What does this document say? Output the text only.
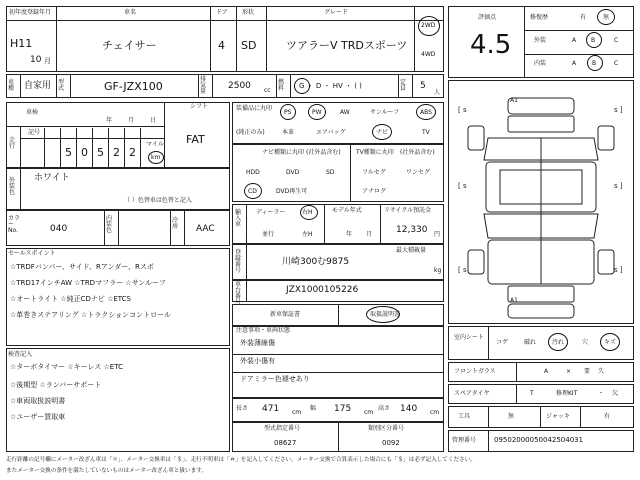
初年度登録年月
H11
10 月
車名
チェイサー
ドア
4
形状
SD
グレード
ツアラーV TRDスポーツ
2WD
4WD
車種	自家用 型式	GF-JZX100
排気量
2500 cc
燃料	G ・ D ・ HV ・ ( )	定員	5
人
車検
年	月	日
シフト
FAT
走行
記号
5 0 5 2 2
マイル
km
外装色
ホワイト
（ ）色替車は色替と記入
カラーNo.	040
内装色
冷房	AAC
セールスポイント
☆TRDFバンパー、サイド、Rアンダー、Rスポ
☆TRD17インチAW ☆TRDマフラー ☆サンルーフ
☆オートライト ☆純正CDナビ ☆ETCS
☆革巻きステアリング ☆トラクションコントロール
検査記入
☆ターボタイマー ☆キーレス ☆ETC
☆後期型 ☆ランバーサポート
☆車両取扱説明書
☆ユーザー買取車
装備品に丸印
(純正のみ)
PS	PW	AW	サンルーフ	ABS
本革	エアバッグ	ナビ	TV
ナビ種類に丸印 (社外品含む)
HDD	DVD	SD
CD	DVD再生可
TV種類に丸印 (社外品含む)
フルセグ	ワンセグ
アナログ
輸入車
ディーラー	右H
並行	左H
モデル年式
年 月
リサイクル預託金
12,330 円
登録番号
川崎300む9875
最大積載量
kg
車台番号
JZX1000105226
新車保証書	取扱説明書
注意事項・車両状態
外装薄線傷
外装小傷有
ドアミラー色褪せあり
長さ 471 cm
幅 175 cm
高さ 140 cm
型式指定番号
08627
類別区分番号
0092
評価点
4.5
修復歴	有	無
外装	A B	C
内装	A	B	C
[ s	s ]
[ s	s ]
[ s	s ]
A1
A1
室内シート
コゲ	破れ	汚れ	穴	キズ
フロントガラス	A	× 要 久
スペアタイヤ	T	修理KIT	・ 欠
工具	無	ジャッキ	有
管理番号	09502000050042504031
走行距離の記号欄にメーター改ざん車は「＊」、メーター交換車は「＄」、走行不明車は「＃」を記入してください。メーター交換で合算表示した場合にも「＄」は必ず記入してください。
またメーター交換の条件を満たしていないものはメーター改ざん車と扱います。
